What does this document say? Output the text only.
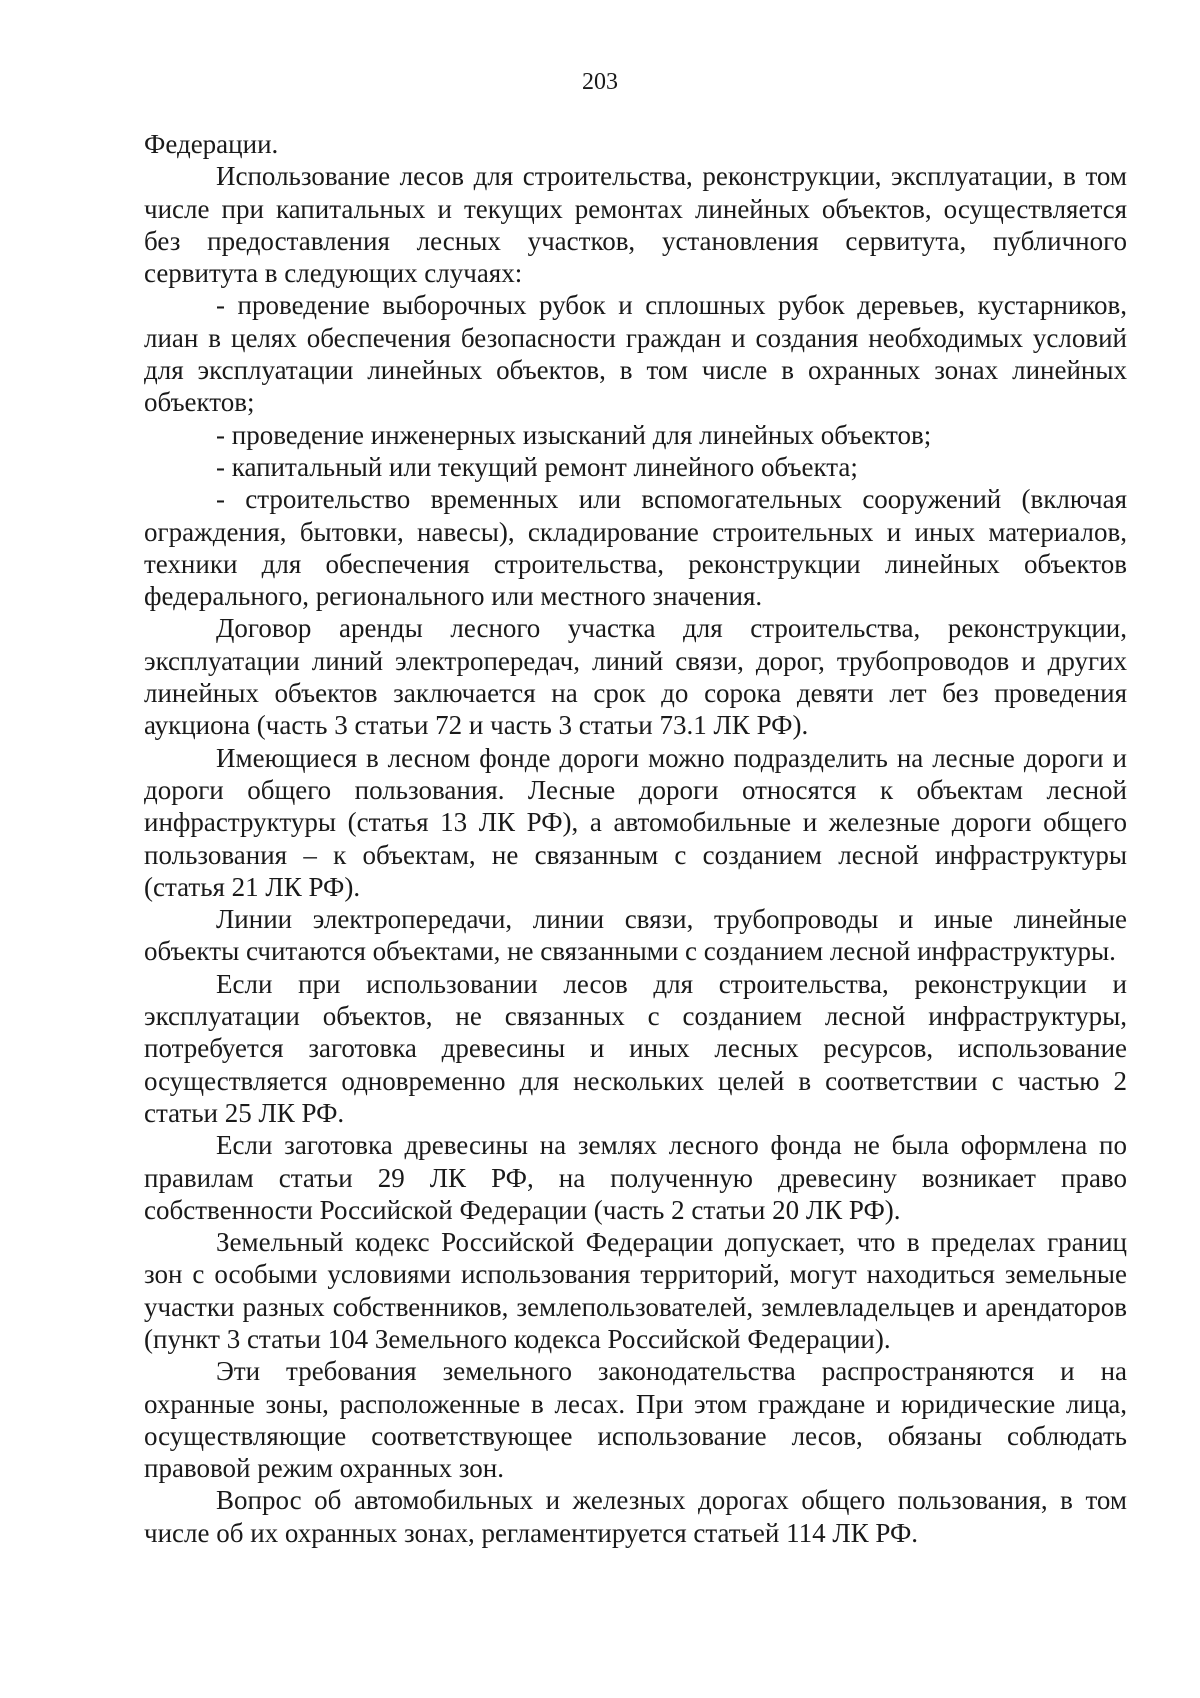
203

Федерации.

Использование лесов для строительства, реконструкции, эксплуатации, в том числе при капитальных и текущих ремонтах линейных объектов, осуществляется без предоставления лесных участков, установления сервитута, публичного сервитута в следующих случаях:

- проведение выборочных рубок и сплошных рубок деревьев, кустарников, лиан в целях обеспечения безопасности граждан и создания необходимых условий для эксплуатации линейных объектов, в том числе в охранных зонах линейных объектов;

- проведение инженерных изысканий для линейных объектов;

- капитальный или текущий ремонт линейного объекта;

- строительство временных или вспомогательных сооружений (включая ограждения, бытовки, навесы), складирование строительных и иных материалов, техники для обеспечения строительства, реконструкции линейных объектов федерального, регионального или местного значения.

Договор аренды лесного участка для строительства, реконструкции, эксплуатации линий электропередач, линий связи, дорог, трубопроводов и других линейных объектов заключается на срок до сорока девяти лет без проведения аукциона (часть 3 статьи 72 и часть 3 статьи 73.1 ЛК РФ).

Имеющиеся в лесном фонде дороги можно подразделить на лесные дороги и дороги общего пользования. Лесные дороги относятся к объектам лесной инфраструктуры (статья 13 ЛК РФ), а автомобильные и железные дороги общего пользования – к объектам, не связанным с созданием лесной инфраструктуры (статья 21 ЛК РФ).

Линии электропередачи, линии связи, трубопроводы и иные линейные объекты считаются объектами, не связанными с созданием лесной инфраструктуры.

Если при использовании лесов для строительства, реконструкции и эксплуатации объектов, не связанных с созданием лесной инфраструктуры, потребуется заготовка древесины и иных лесных ресурсов, использование осуществляется одновременно для нескольких целей в соответствии с частью 2 статьи 25 ЛК РФ.

Если заготовка древесины на землях лесного фонда не была оформлена по правилам статьи 29 ЛК РФ, на полученную древесину возникает право собственности Российской Федерации (часть 2 статьи 20 ЛК РФ).

Земельный кодекс Российской Федерации допускает, что в пределах границ зон с особыми условиями использования территорий, могут находиться земельные участки разных собственников, землепользователей, землевладельцев и арендаторов (пункт 3 статьи 104 Земельного кодекса Российской Федерации).

Эти требования земельного законодательства распространяются и на охранные зоны, расположенные в лесах. При этом граждане и юридические лица, осуществляющие соответствующее использование лесов, обязаны соблюдать правовой режим охранных зон.

Вопрос об автомобильных и железных дорогах общего пользования, в том числе об их охранных зонах, регламентируется статьей 114 ЛК РФ.
